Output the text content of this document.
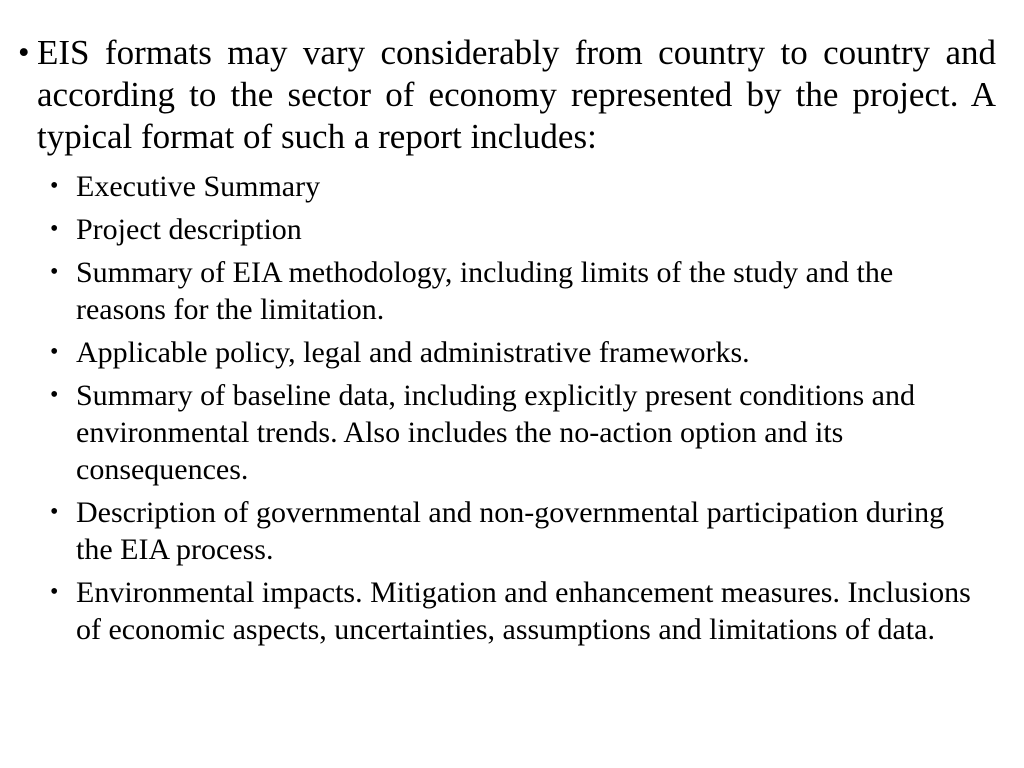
• EIS formats may vary considerably from country to country and according to the sector of economy represented by the project. A typical format of such a report includes:
• Executive Summary
• Project description
• Summary of EIA methodology, including limits of the study and the reasons for the limitation.
• Applicable policy, legal and administrative frameworks.
• Summary of baseline data, including explicitly present conditions and environmental trends. Also includes the no-action option and its consequences.
• Description of governmental and non-governmental participation during the EIA process.
• Environmental impacts. Mitigation and enhancement measures. Inclusions of economic aspects, uncertainties, assumptions and limitations of data.
